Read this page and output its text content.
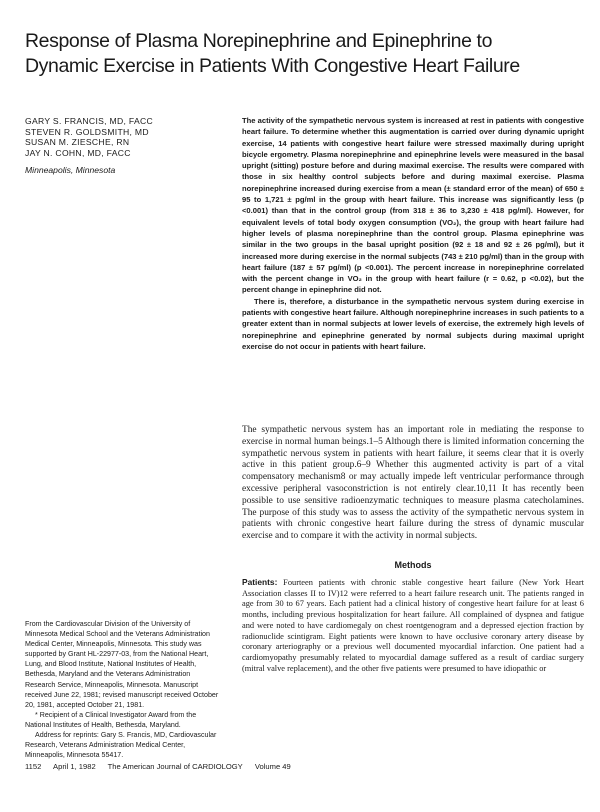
Response of Plasma Norepinephrine and Epinephrine to
Dynamic Exercise in Patients With Congestive Heart Failure
GARY S. FRANCIS, MD, FACC
STEVEN R. GOLDSMITH, MD
SUSAN M. ZIESCHE, RN
JAY N. COHN, MD, FACC
Minneapolis, Minnesota

The activity of the sympathetic nervous system is increased at rest in patients with congestive heart failure. To determine whether this augmentation is carried over during dynamic upright exercise, 14 patients with congestive heart failure were stressed maximally during upright bicycle ergometry. Plasma norepinephrine and epinephrine levels were measured in the basal upright (sitting) posture before and during maximal exercise. The results were compared with those in six healthy control subjects before and during maximal exercise. Plasma norepinephrine increased during exercise from a mean (± standard error of the mean) of 650 ± 95 to 1,721 ± pg/ml in the group with heart failure. This increase was significantly less (p <0.001) than that in the control group (from 318 ± 36 to 3,230 ± 418 pg/ml). However, for equivalent levels of total body oxygen consumption (VO₂), the group with heart failure had higher levels of plasma norepinephrine than the control group. Plasma epinephrine was similar in the two groups in the basal upright position (92 ± 18 and 92 ± 26 pg/ml), but it increased more during exercise in the normal subjects (743 ± 210 pg/ml) than in the group with heart failure (187 ± 57 pg/ml) (p <0.001). The percent increase in norepinephrine correlated with the percent change in VO₂ in the group with heart failure (r = 0.62, p <0.02), but the percent change in epinephrine did not.

There is, therefore, a disturbance in the sympathetic nervous system during exercise in patients with congestive heart failure. Although norepinephrine increases in such patients to a greater extent than in normal subjects at lower levels of exercise, the extremely high levels of norepinephrine and epinephrine generated by normal subjects during maximal upright exercise do not occur in patients with heart failure.

The sympathetic nervous system has an important role in mediating the response to exercise in normal human beings.1–5 Although there is limited information concerning the sympathetic nervous system in patients with heart failure, it seems clear that it is overly active in this patient group.6–9 Whether this augmented activity is part of a vital compensatory mechanism8 or may actually impede left ventricular performance through excessive peripheral vasoconstriction is not entirely clear.10,11 It has recently been possible to use sensitive radioenzymatic techniques to measure plasma catecholamines. The purpose of this study was to assess the activity of the sympathetic nervous system in patients with chronic congestive heart failure during the stress of dynamic muscular exercise and to compare it with the activity in normal subjects.

Methods

Patients: Fourteen patients with chronic stable congestive heart failure (New York Heart Association classes II to IV)12 were referred to a heart failure research unit. The patients ranged in age from 30 to 67 years. Each patient had a clinical history of congestive heart failure for at least 6 months, including previous hospitalization for heart failure. All complained of dyspnea and fatigue and were noted to have cardiomegaly on chest roentgenogram and a depressed ejection fraction by radionuclide scintigram. Eight patients were known to have occlusive coronary artery disease by coronary arteriography or a previous well documented myocardial infarction. One patient had a cardiomyopathy presumably related to myocardial damage suffered as a result of cardiac surgery (mitral valve replacement), and the other five patients were presumed to have idiopathic or

From the Cardiovascular Division of the University of Minnesota Medical School and the Veterans Administration Medical Center, Minneapolis, Minnesota. This study was supported by Grant HL-22977-03, from the National Heart, Lung, and Blood Institute, National Institutes of Health, Bethesda, Maryland and the Veterans Administration Research Service, Minneapolis, Minnesota. Manuscript received June 22, 1981; revised manuscript received October 20, 1981, accepted October 21, 1981.

* Recipient of a Clinical Investigator Award from the National Institutes of Health, Bethesda, Maryland.

Address for reprints: Gary S. Francis, MD, Cardiovascular Research, Veterans Administration Medical Center, Minneapolis, Minnesota 55417.

1152 April 1, 1982 The American Journal of CARDIOLOGY Volume 49
